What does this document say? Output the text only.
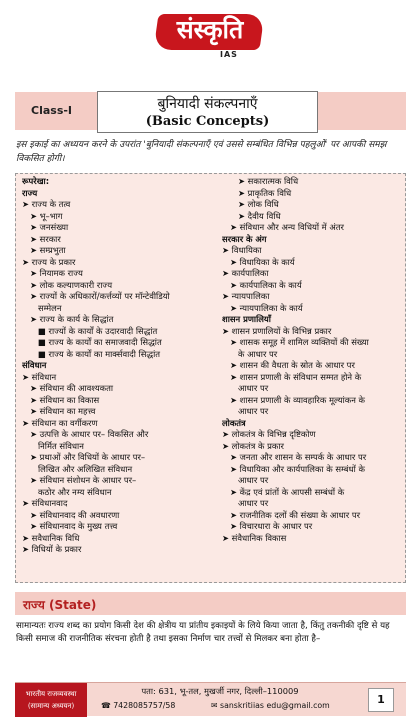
संस्कृति
IAS
Class-I	बुनियादी संकल्पनाएँ
(Basic Concepts)
इस इकाई का अध्ययन करने के उपरांत 'बुनियादी संकल्पनाएँ एवं उससे सम्बंधित विभिन्न पहलुओं' पर आपकी समझ विकसित होगी।
रूपरेखा:
राज्य
➤ राज्य के तत्व
➤ भू–भाग
➤ जनसंख्या
➤ सरकार
➤ सम्प्रभुता
➤ राज्य के प्रकार
➤ नियामक राज्य
➤ लोक कल्याणकारी राज्य
➤ राज्यों के अधिकारों/कर्त्तव्यों पर मॉन्टेवीडियो
सम्मेलन
➤ राज्य के कार्य के सिद्धांत
■ राज्यों के कार्यों के उदारवादी सिद्धांत
■ राज्य के कार्यों का समाजवादी सिद्धांत
■ राज्य के कार्यों का मार्क्सवादी सिद्धांत
संविधान
➤ संविधान
➤ संविधान की आवश्यकता
➤ संविधान का विकास
➤ संविधान का महत्त्व
➤ संविधान का वर्गीकरण
➤ उत्पत्ति के आधार पर– विकसित और
निर्मित संविधान
➤ प्रथाओं और विधियों के आधार पर–
लिखित और अलिखित संविधान
➤ संविधान संशोधन के आधार पर–
कठोर और नम्य संविधान
➤ संविधानवाद
➤ संविधानवाद की अवधारणा
➤ संविधानवाद के मुख्य तत्त्व
➤ सवैधानिक विधि
➤ विधियों के प्रकार
➤ सकारात्मक विधि
➤ प्राकृतिक विधि
➤ लोक विधि
➤ दैवीय विधि
➤ संविधान और अन्य विधियों में अंतर
सरकार के अंग
➤ विधायिका
➤ विधायिका के कार्य
➤ कार्यपालिका
➤ कार्यपालिका के कार्य
➤ न्यायपालिका
➤ न्यायपालिका के कार्य
शासन प्रणालियाँ
➤ शासन प्रणालियों के विभिन्न प्रकार
➤ शासक समूह में शामिल व्यक्तियों की संख्या
के आधार पर
➤ शासन की वैधता के स्रोत के आधार पर
➤ शासन प्रणाली के संविधान सम्मत होने के
आधार पर
➤ शासन प्रणाली के व्यावहारिक मूल्यांकन के
आधार पर
लोकतंत्र
➤ लोकतंत्र के विभिन्न दृष्टिकोण
➤ लोकतंत्र के प्रकार
➤ जनता और शासन के सम्पर्क के आधार पर
➤ विधायिका और कार्यपालिका के सम्बंधों के
आधार पर
➤ केंद्र एवं प्रांतों के आपसी सम्बंधों के
आधार पर
➤ राजनीतिक दलों की संख्या के आधार पर
➤ विचारधारा के आधार पर
➤ संवैधानिक विकास
राज्य (State)
सामान्यतः राज्य शब्द का प्रयोग किसी देश की क्षेत्रीय या प्रांतीय इकाइयों के लिये किया जाता है, किंतु तकनीकी दृष्टि से यह किसी समाज की राजनीतिक संरचना होती है तथा इसका निर्माण चार तत्त्वों से मिलकर बना होता है–
भारतीय राजव्यवस्था
(सामान्य अध्ययन)
पता: 631, भू-तल, मुखर्जी नगर, दिल्ली–110009
☎ 7428085757/58	✉ sanskritiias edu@gmail.com	1
